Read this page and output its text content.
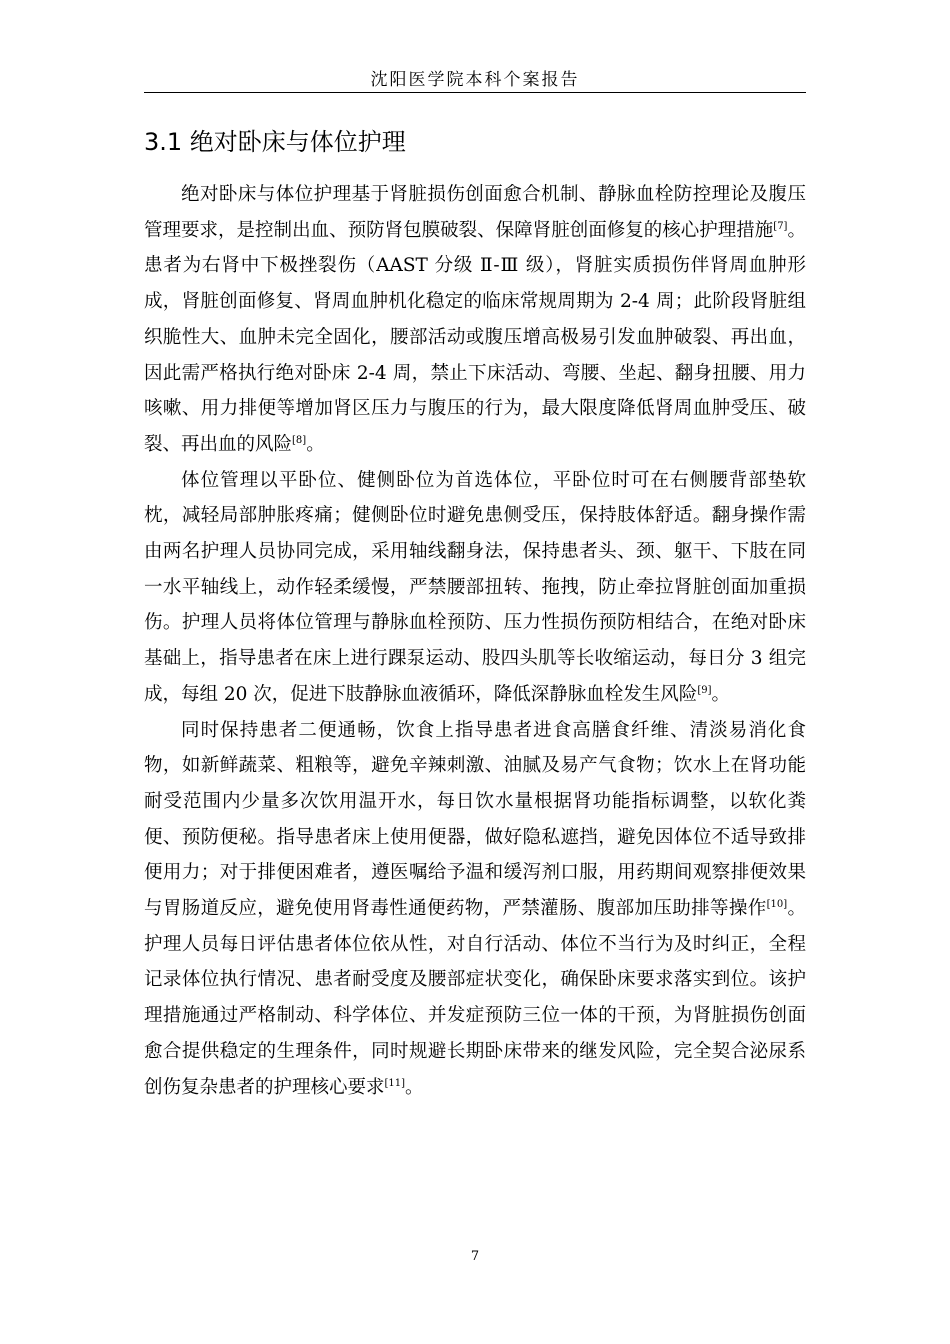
沈阳医学院本科个案报告
3.1 绝对卧床与体位护理

绝对卧床与体位护理基于肾脏损伤创面愈合机制、静脉血栓防控理论及腹压管理要求，是控制出血、预防肾包膜破裂、保障肾脏创面修复的核心护理措施[7]。患者为右肾中下极挫裂伤（AAST 分级 Ⅱ-Ⅲ 级），肾脏实质损伤伴肾周血肿形成，肾脏创面修复、肾周血肿机化稳定的临床常规周期为 2-4 周；此阶段肾脏组织脆性大、血肿未完全固化，腰部活动或腹压增高极易引发血肿破裂、再出血，因此需严格执行绝对卧床 2-4 周，禁止下床活动、弯腰、坐起、翻身扭腰、用力咳嗽、用力排便等增加肾区压力与腹压的行为，最大限度降低肾周血肿受压、破裂、再出血的风险[8]。

体位管理以平卧位、健侧卧位为首选体位，平卧位时可在右侧腰背部垫软枕，减轻局部肿胀疼痛；健侧卧位时避免患侧受压，保持肢体舒适。翻身操作需由两名护理人员协同完成，采用轴线翻身法，保持患者头、颈、躯干、下肢在同一水平轴线上，动作轻柔缓慢，严禁腰部扭转、拖拽，防止牵拉肾脏创面加重损伤。护理人员将体位管理与静脉血栓预防、压力性损伤预防相结合，在绝对卧床基础上，指导患者在床上进行踝泵运动、股四头肌等长收缩运动，每日分 3 组完成，每组 20 次，促进下肢静脉血液循环，降低深静脉血栓发生风险[9]。

同时保持患者二便通畅，饮食上指导患者进食高膳食纤维、清淡易消化食物，如新鲜蔬菜、粗粮等，避免辛辣刺激、油腻及易产气食物；饮水上在肾功能耐受范围内少量多次饮用温开水，每日饮水量根据肾功能指标调整，以软化粪便、预防便秘。指导患者床上使用便器，做好隐私遮挡，避免因体位不适导致排便用力；对于排便困难者，遵医嘱给予温和缓泻剂口服，用药期间观察排便效果与胃肠道反应，避免使用肾毒性通便药物，严禁灌肠、腹部加压助排等操作[10]。护理人员每日评估患者体位依从性，对自行活动、体位不当行为及时纠正，全程记录体位执行情况、患者耐受度及腰部症状变化，确保卧床要求落实到位。该护理措施通过严格制动、科学体位、并发症预防三位一体的干预，为肾脏损伤创面愈合提供稳定的生理条件，同时规避长期卧床带来的继发风险，完全契合泌尿系创伤复杂患者的护理核心要求[11]。

7
